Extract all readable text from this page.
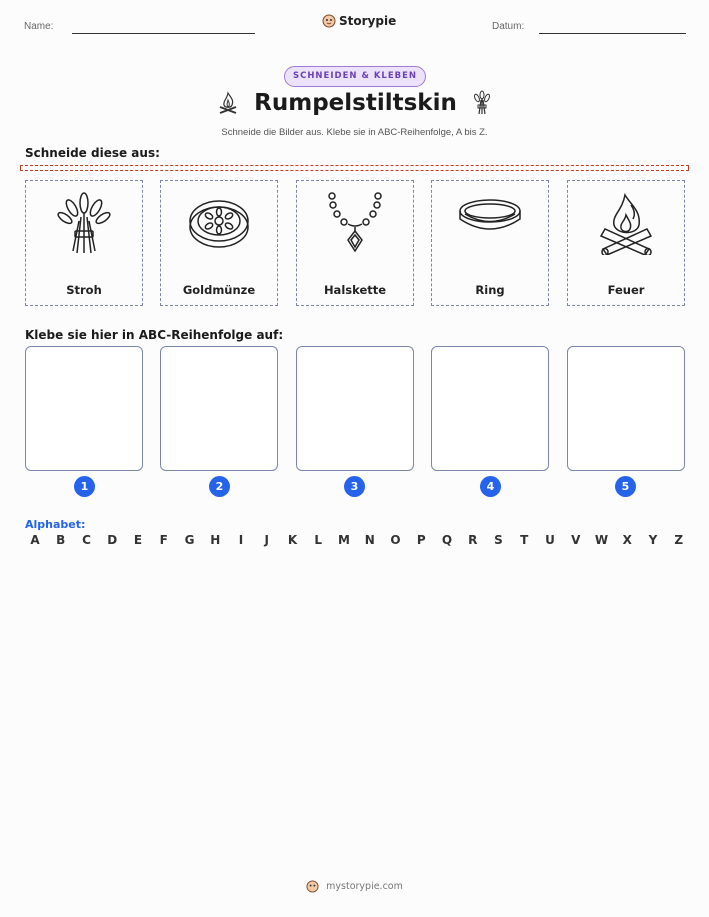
Name:	Storypie	Datum:
SCHNEIDEN & KLEBEN
Rumpelstiltskin
Schneide die Bilder aus. Klebe sie in ABC-Reihenfolge, A bis Z.
Schneide diese aus:
Stroh	Goldmünze	Halskette	Ring	Feuer
Klebe sie hier in ABC-Reihenfolge auf:
1	2	3	4	5
Alphabet:
A	B	C	D	E	F	G	H	I	J	K	L	M	N	O	P	Q	R	S	T	U	V	W	X	Y	Z
mystorypie.com
